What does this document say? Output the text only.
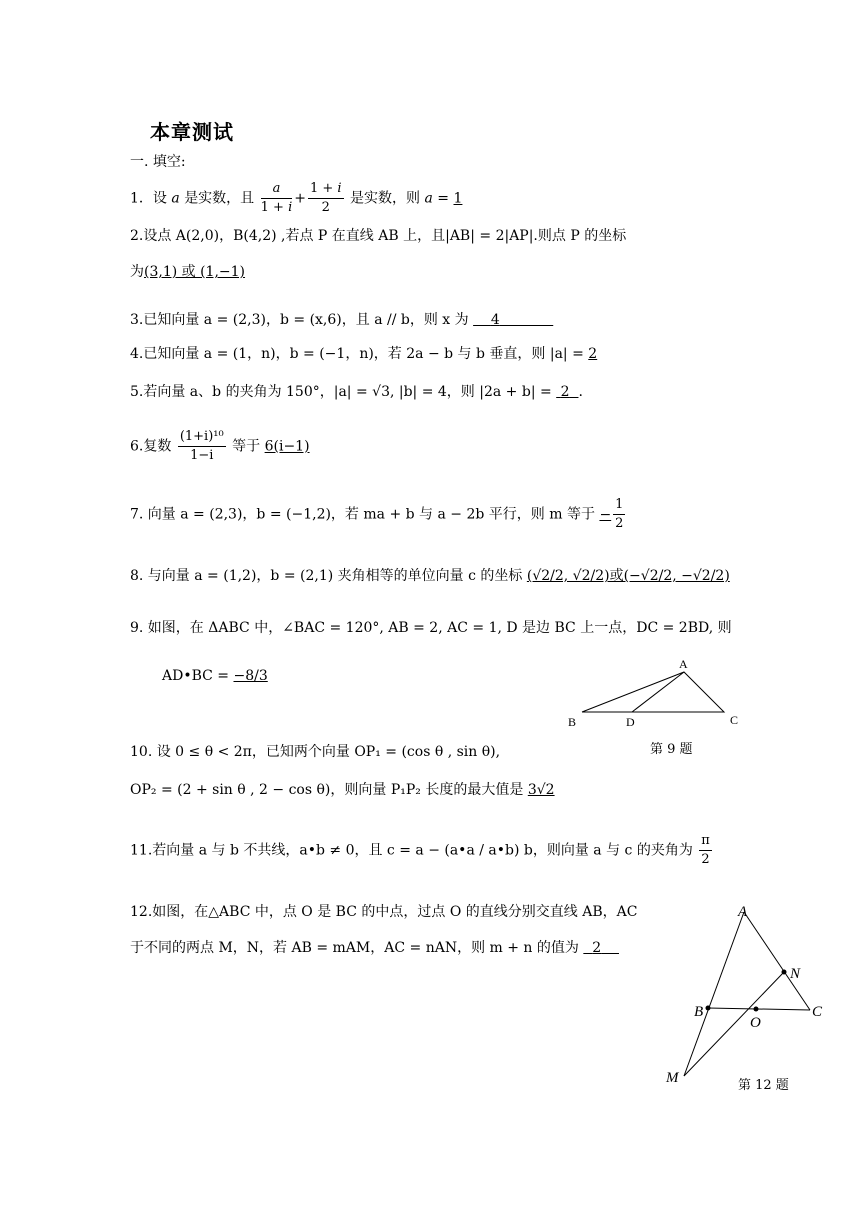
本章测试
一. 填空:
1．设 a 是实数，且 $\frac{a}{1 + i} + \frac{1 + i}{2}$ 是实数，则 a = 1
2.设点 A(2,0)，B(4,2) ,若点 P 在直线 AB 上，且|AB| = 2|AP|.则点 P 的坐标
为(3,1) 或 (1,−1)
3.已知向量 a = (2,3)，b = (x,6)，且 a // b，则 x 为 4
4.已知向量 a = (1，n)，b = (−1，n)，若 2a − b 与 b 垂直，则 |a| = 2
5.若向量 a、b 的夹角为 150°，|a| = √3, |b| = 4，则 |2a + b| = 2 .
6.复数 $\frac{\text{(1+i)¹⁰}}{1-i}$ 等于 6(i−1)
7. 向量 a = (2,3)，b = (−1,2)，若 ma + b 与 a − 2b 平行，则 m 等于 − $\frac{1}{2}$
8. 与向量 a = (1,2)，b = (2,1) 夹角相等的单位向量 c 的坐标 (√2/2, √2/2)或(−√2/2, −√2/2)
9. 如图，在 ΔABC 中，∠BAC = 120°, AB = 2, AC = 1, D 是边 BC 上一点，DC = 2BD, 则
AD•BC = −8/3
A
B	D	C
第 9 题
10. 设 0 ≤ θ < 2π，已知两个向量 OP₁ = (cos θ , sin θ),
OP₂ = (2 + sin θ , 2 − cos θ)，则向量 P₁P₂ 长度的最大值是 3√2
11.若向量 a 与 b 不共线，a•b ≠ 0，且 c = a − (a•a / a•b) b，则向量 a 与 c 的夹角为 $\frac{\pi}{2}$
12.如图，在△ABC 中，点 O 是 BC 的中点，过点 O 的直线分别交直线 AB，AC
于不同的两点 M，N，若 AB = mAM，AC = nAN，则 m + n 的值为 2
A
N
B
O
C
M	第 12 题
